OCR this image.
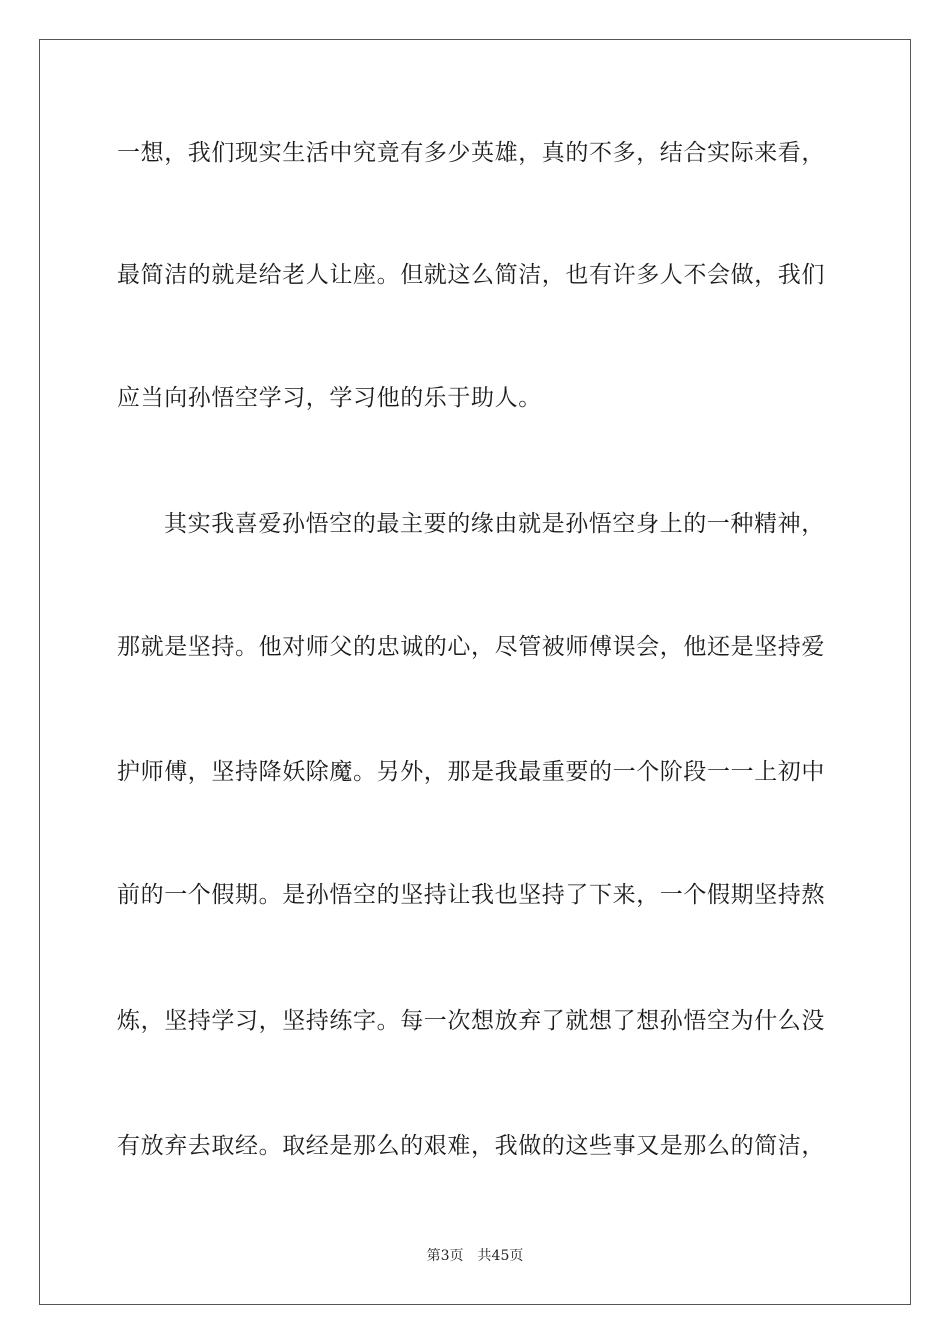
一想，我们现实生活中究竟有多少英雄，真的不多，结合实际来看，
最简洁的就是给老人让座。但就这么简洁，也有许多人不会做，我们
应当向孙悟空学习，学习他的乐于助人。
其实我喜爱孙悟空的最主要的缘由就是孙悟空身上的一种精神，
那就是坚持。他对师父的忠诚的心，尽管被师傅误会，他还是坚持爱
护师傅，坚持降妖除魔。另外，那是我最重要的一个阶段一一上初中
前的一个假期。是孙悟空的坚持让我也坚持了下来，一个假期坚持熬
炼，坚持学习，坚持练字。每一次想放弃了就想了想孙悟空为什么没
有放弃去取经。取经是那么的艰难，我做的这些事又是那么的简洁，
第3页 共45页
